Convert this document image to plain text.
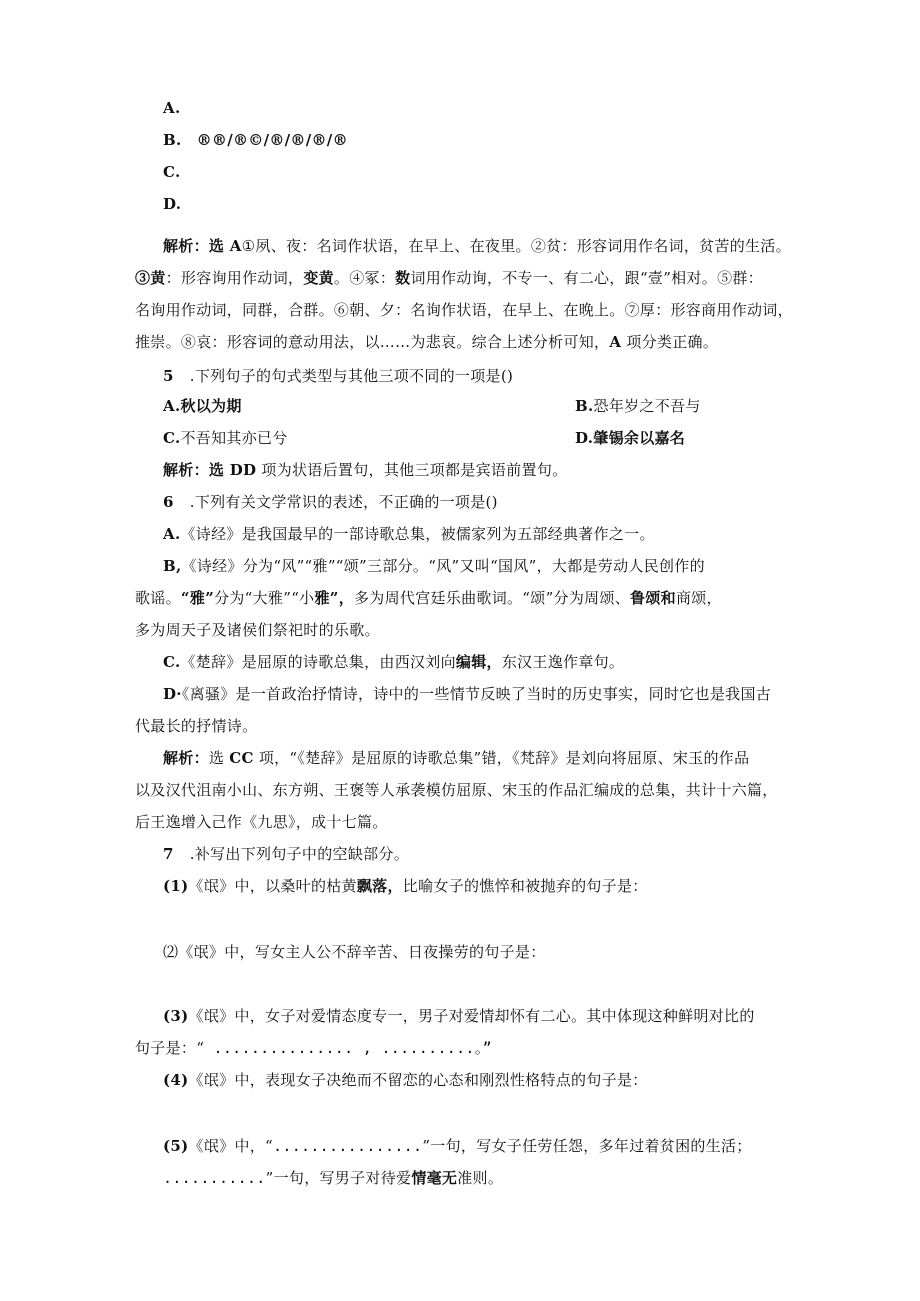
A.
B. ®®/®©/®/®/®/®
C.
D.
解析：选 A①夙、夜：名词作状语，在早上、在夜里。②贫：形容词用作名词，贫苦的生活。
③黄：形容询用作动词，变黄。④冢：数词用作动询，不专一、有二心，跟“壹”相对。⑤群：
名询用作动词，同群，合群。⑥朝、夕：名询作状语，在早上、在晚上。⑦厚：形容商用作动词，
推崇。⑧哀：形容词的意动用法，以……为悲哀。综合上述分析可知，A 项分类正确。
5 .下列句子的句式类型与其他三项不同的一项是()
A.秋以为期	B.恐年岁之不吾与
C.不吾知其亦已兮	D.肇锡余以嘉名
解析：选 DD 项为状语后置句，其他三项都是宾语前置句。
6 .下列有关文学常识的表述，不正确的一项是()
A.《诗经》是我国最早的一部诗歌总集，被儒家列为五部经典著作之一。
B,《诗经》分为“风”“雅”“颂”三部分。“风”又叫“国风”，大都是劳动人民创作的
歌谣。“雅”分为“大雅”“小雅”，多为周代宫廷乐曲歌词。“颂”分为周颂、鲁颂和商颂，
多为周天子及诸侯们祭祀时的乐歌。
C.《楚辞》是屈原的诗歌总集，由西汉刘向编辑，东汉王逸作章句。
D·《离骚》是一首政治抒情诗，诗中的一些情节反映了当时的历史事实，同时它也是我国古
代最长的抒情诗。
解析：选 CC 项，“《楚辞》是屈原的诗歌总集”错，《梵辞》是刘向将屈原、宋玉的作品
以及汉代沮南小山、东方朔、王褒等人承袭模仿屈原、宋玉的作品汇编成的总集，共计十六篇，
后王逸增入己作《九思》，成十七篇。
7 .补写出下列句子中的空缺部分。
(1)《氓》中，以桑叶的枯黄飘落，比喻女子的憔悴和被抛弃的句子是：
⑵《氓》中，写女主人公不辞辛苦、日夜操劳的句子是：
(3)《氓》中，女子对爱情态度专一，男子对爱情却怀有二心。其中体现这种鲜明对比的
句子是：“ ............... , ..........。”
(4)《氓》中，表现女子决绝而不留恋的心态和刚烈性格特点的句子是：
(5)《氓》中，“................”一句，写女子任劳任怨，多年过着贫困的生活；
...........”一句，写男子对待爱情毫无准则。
